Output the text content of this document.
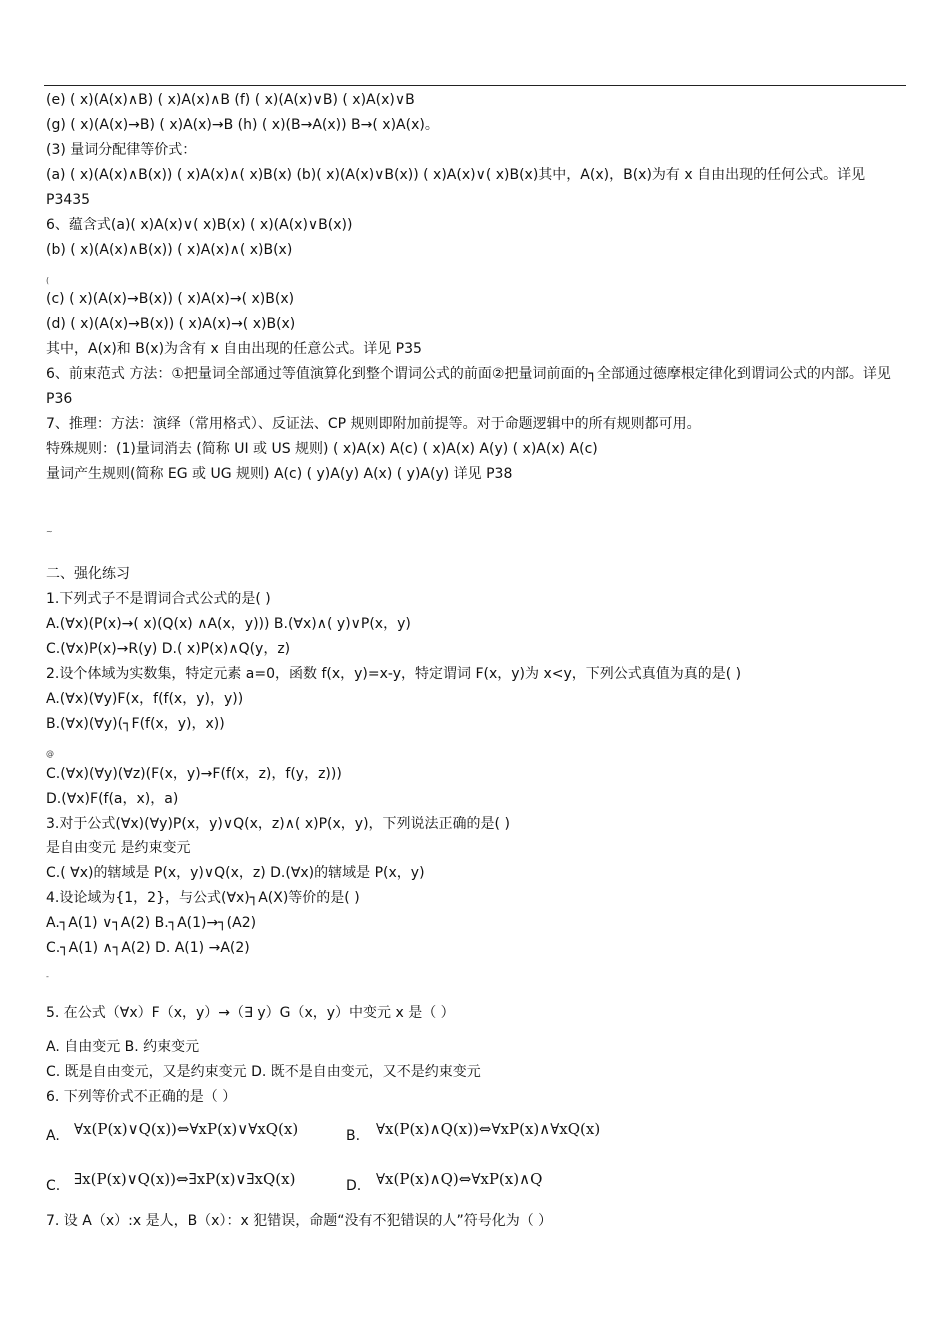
(e) ( x)(A(x)∧B) ( x)A(x)∧B (f) ( x)(A(x)∨B) ( x)A(x)∨B
(g) ( x)(A(x)→B) ( x)A(x)→B (h) ( x)(B→A(x)) B→( x)A(x)。
(3) 量词分配律等价式：
(a) ( x)(A(x)∧B(x)) ( x)A(x)∧( x)B(x) (b)( x)(A(x)∨B(x)) ( x)A(x)∨( x)B(x)其中，A(x)，B(x)为有 x 自由出现的任何公式。详见 P3435
6、蕴含式(a)( x)A(x)∨( x)B(x) ( x)(A(x)∨B(x))
(b) ( x)(A(x)∧B(x)) ( x)A(x)∧( x)B(x)
(
(c) ( x)(A(x)→B(x)) ( x)A(x)→( x)B(x)
(d) ( x)(A(x)→B(x)) ( x)A(x)→( x)B(x)
其中，A(x)和 B(x)为含有 x 自由出现的任意公式。详见 P35
6、前束范式 方法：①把量词全部通过等值演算化到整个谓词公式的前面②把量词前面的┐全部通过德摩根定律化到谓词公式的内部。详见 P36
7、推理：方法：演绎（常用格式）、反证法、CP 规则即附加前提等。对于命题逻辑中的所有规则都可用。
特殊规则：(1)量词消去 (简称 UI 或 US 规则) ( x)A(x) A(c) ( x)A(x) A(y) ( x)A(x) A(c)
量词产生规则(简称 EG 或 UG 规则) A(c) ( y)A(y) A(x) ( y)A(y) 详见 P38
~
二、强化练习
1.下列式子不是谓词合式公式的是( )
A.(∀x)(P(x)→( x)(Q(x) ∧A(x，y))) B.(∀x)∧( y)∨P(x，y)
C.(∀x)P(x)→R(y) D.( x)P(x)∧Q(y，z)
2.设个体域为实数集，特定元素 a=0，函数 f(x，y)=x-y，特定谓词 F(x，y)为 x<y，下列公式真值为真的是( )
A.(∀x)(∀y)F(x，f(f(x，y)，y))
B.(∀x)(∀y)(┐F(f(x，y)，x))
@
C.(∀x)(∀y)(∀z)(F(x，y)→F(f(x，z)，f(y，z)))
D.(∀x)F(f(a，x)，a)
3.对于公式(∀x)(∀y)P(x，y)∨Q(x，z)∧( x)P(x，y)，下列说法正确的是( )
是自由变元 是约束变元
C.( ∀x)的辖域是 P(x，y)∨Q(x，z) D.(∀x)的辖域是 P(x，y)
4.设论域为{1，2}，与公式(∀x)┐A(X)等价的是( )
A.┐A(1) ∨┐A(2) B.┐A(1)→┐(A2)
C.┐A(1) ∧┐A(2) D. A(1) →A(2)
-
5. 在公式（∀x）F（x，y）→（∃ y）G（x，y）中变元 x 是（ ）
A. 自由变元 B. 约束变元
C. 既是自由变元，又是约束变元 D. 既不是自由变元，又不是约束变元
6. 下列等价式不正确的是（ ）
A. ∀x(P(x)∨Q(x))⇔∀xP(x)∨∀xQ(x)	B. ∀x(P(x)∧Q(x))⇔∀xP(x)∧∀xQ(x)
C. ∃x(P(x)∨Q(x))⇔∃xP(x)∨∃xQ(x)	D. ∀x(P(x)∧Q)⇔∀xP(x)∧Q
7. 设 A（x）:x 是人，B（x）：x 犯错误，命题“没有不犯错误的人”符号化为（ ）
